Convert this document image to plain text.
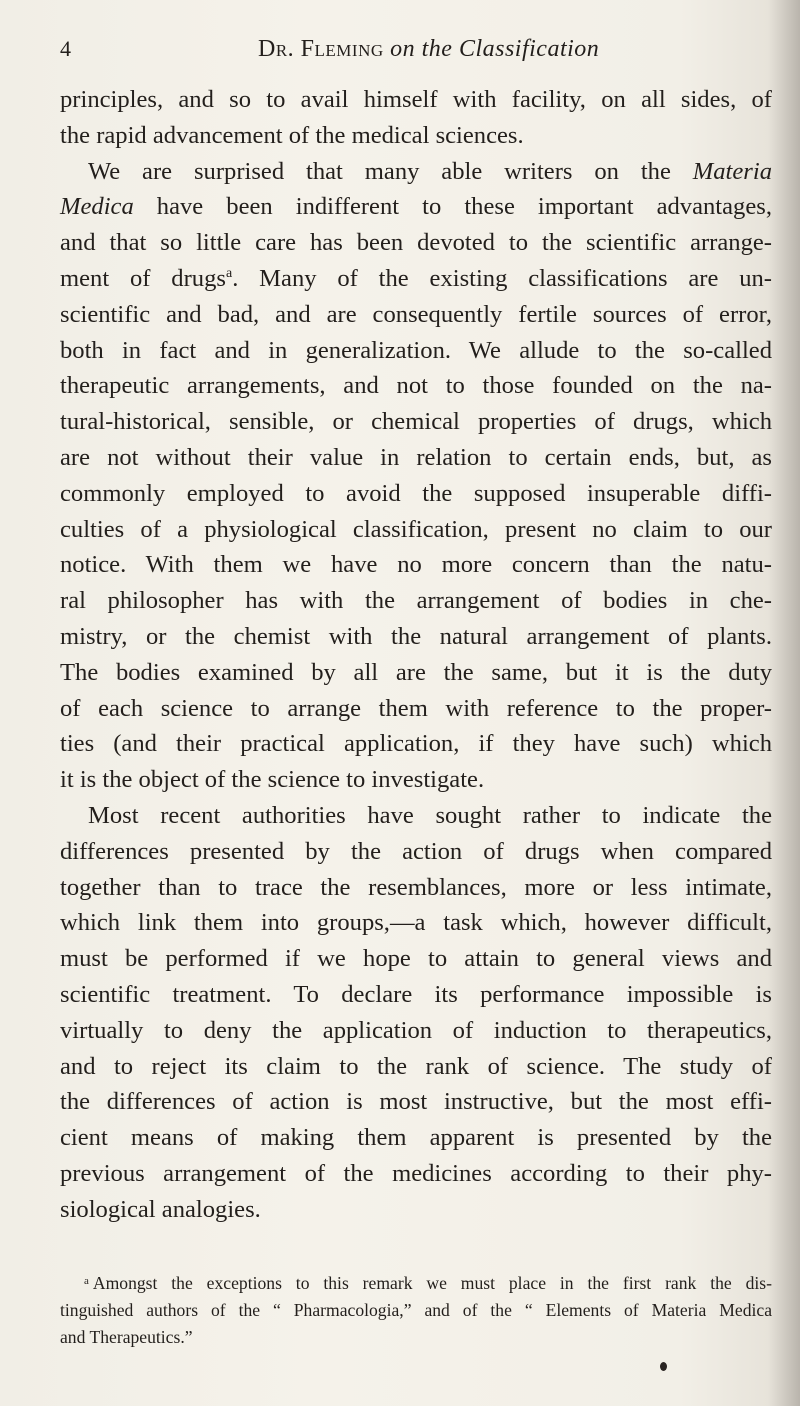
4	Dr. Fleming on the Classification
principles, and so to avail himself with facility, on all sides, of
the rapid advancement of the medical sciences.
We are surprised that many able writers on the Materia
Medica have been indifferent to these important advantages,
and that so little care has been devoted to the scientific arrange-
ment of drugs$^a$. Many of the existing classifications are un-
scientific and bad, and are consequently fertile sources of error,
both in fact and in generalization. We allude to the so-called
therapeutic arrangements, and not to those founded on the na-
tural-historical, sensible, or chemical properties of drugs, which
are not without their value in relation to certain ends, but, as
commonly employed to avoid the supposed insuperable diffi-
culties of a physiological classification, present no claim to our
notice. With them we have no more concern than the natu-
ral philosopher has with the arrangement of bodies in che-
mistry, or the chemist with the natural arrangement of plants.
The bodies examined by all are the same, but it is the duty
of each science to arrange them with reference to the proper-
ties (and their practical application, if they have such) which
it is the object of the science to investigate.
Most recent authorities have sought rather to indicate the
differences presented by the action of drugs when compared
together than to trace the resemblances, more or less intimate,
which link them into groups,—a task which, however difficult,
must be performed if we hope to attain to general views and
scientific treatment. To declare its performance impossible is
virtually to deny the application of induction to therapeutics,
and to reject its claim to the rank of science. The study of
the differences of action is most instructive, but the most effi-
cient means of making them apparent is presented by the
previous arrangement of the medicines according to their phy-
siological analogies.
$^a$ Amongst the exceptions to this remark we must place in the first rank the dis-
tinguished authors of the “ Pharmacologia,” and of the “ Elements of Materia Medica
and Therapeutics.”
